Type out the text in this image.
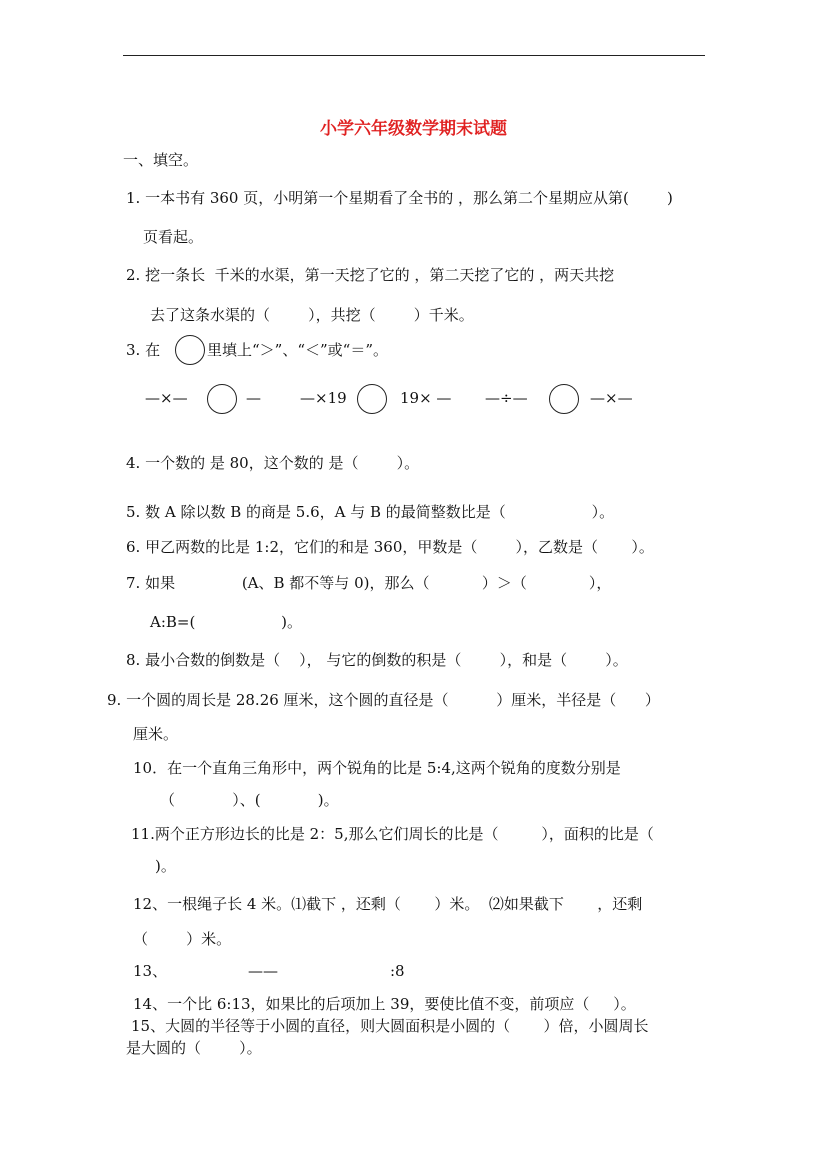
小学六年级数学期末试题
一、填空。
1. 一本书有 360 页，小明第一个星期看了全书的 ，那么第二个星期应从第(        )
页看起。
2. 挖一条长  千米的水渠，第一天挖了它的 ，第二天挖了它的 ，两天共挖
去了这条水渠的（        ），共挖（        ）千米。
3. 在	里填上“＞”、“＜”或“＝”。
—×—	—	—×19	19× — —÷—	—×—
4. 一个数的 是 80，这个数的 是（        ）。
5. 数 A 除以数 B 的商是 5.6，A 与 B 的最简整数比是（                  ）。
6. 甲乙两数的比是 1:2，它们的和是 360，甲数是（        ），乙数是（       ）。
7. 如果              (A、B 都不等与 0)，那么（           ）＞（             ），
A:B=(                  )。
8. 最小合数的倒数是（    ）， 与它的倒数的积是（        ），和是（        ）。
9. 一个圆的周长是 28.26 厘米，这个圆的直径是（          ）厘米，半径是（      ）
厘米。
10．在一个直角三角形中，两个锐角的比是 5:4,这两个锐角的度数分别是
（            ）、(            )。
11.两个正方形边长的比是 2：5,那么它们周长的比是（         ），面积的比是（
)。
12、一根绳子长 4 米。⑴截下 ，还剩（       ）米。  ⑵如果截下       ，还剩
（        ）米。
13、	——	:8
14、一个比 6:13，如果比的后项加上 39，要使比值不变，前项应（     ）。
15、大圆的半径等于小圆的直径，则大圆面积是小圆的（       ）倍，小圆周长
是大圆的（        ）。
